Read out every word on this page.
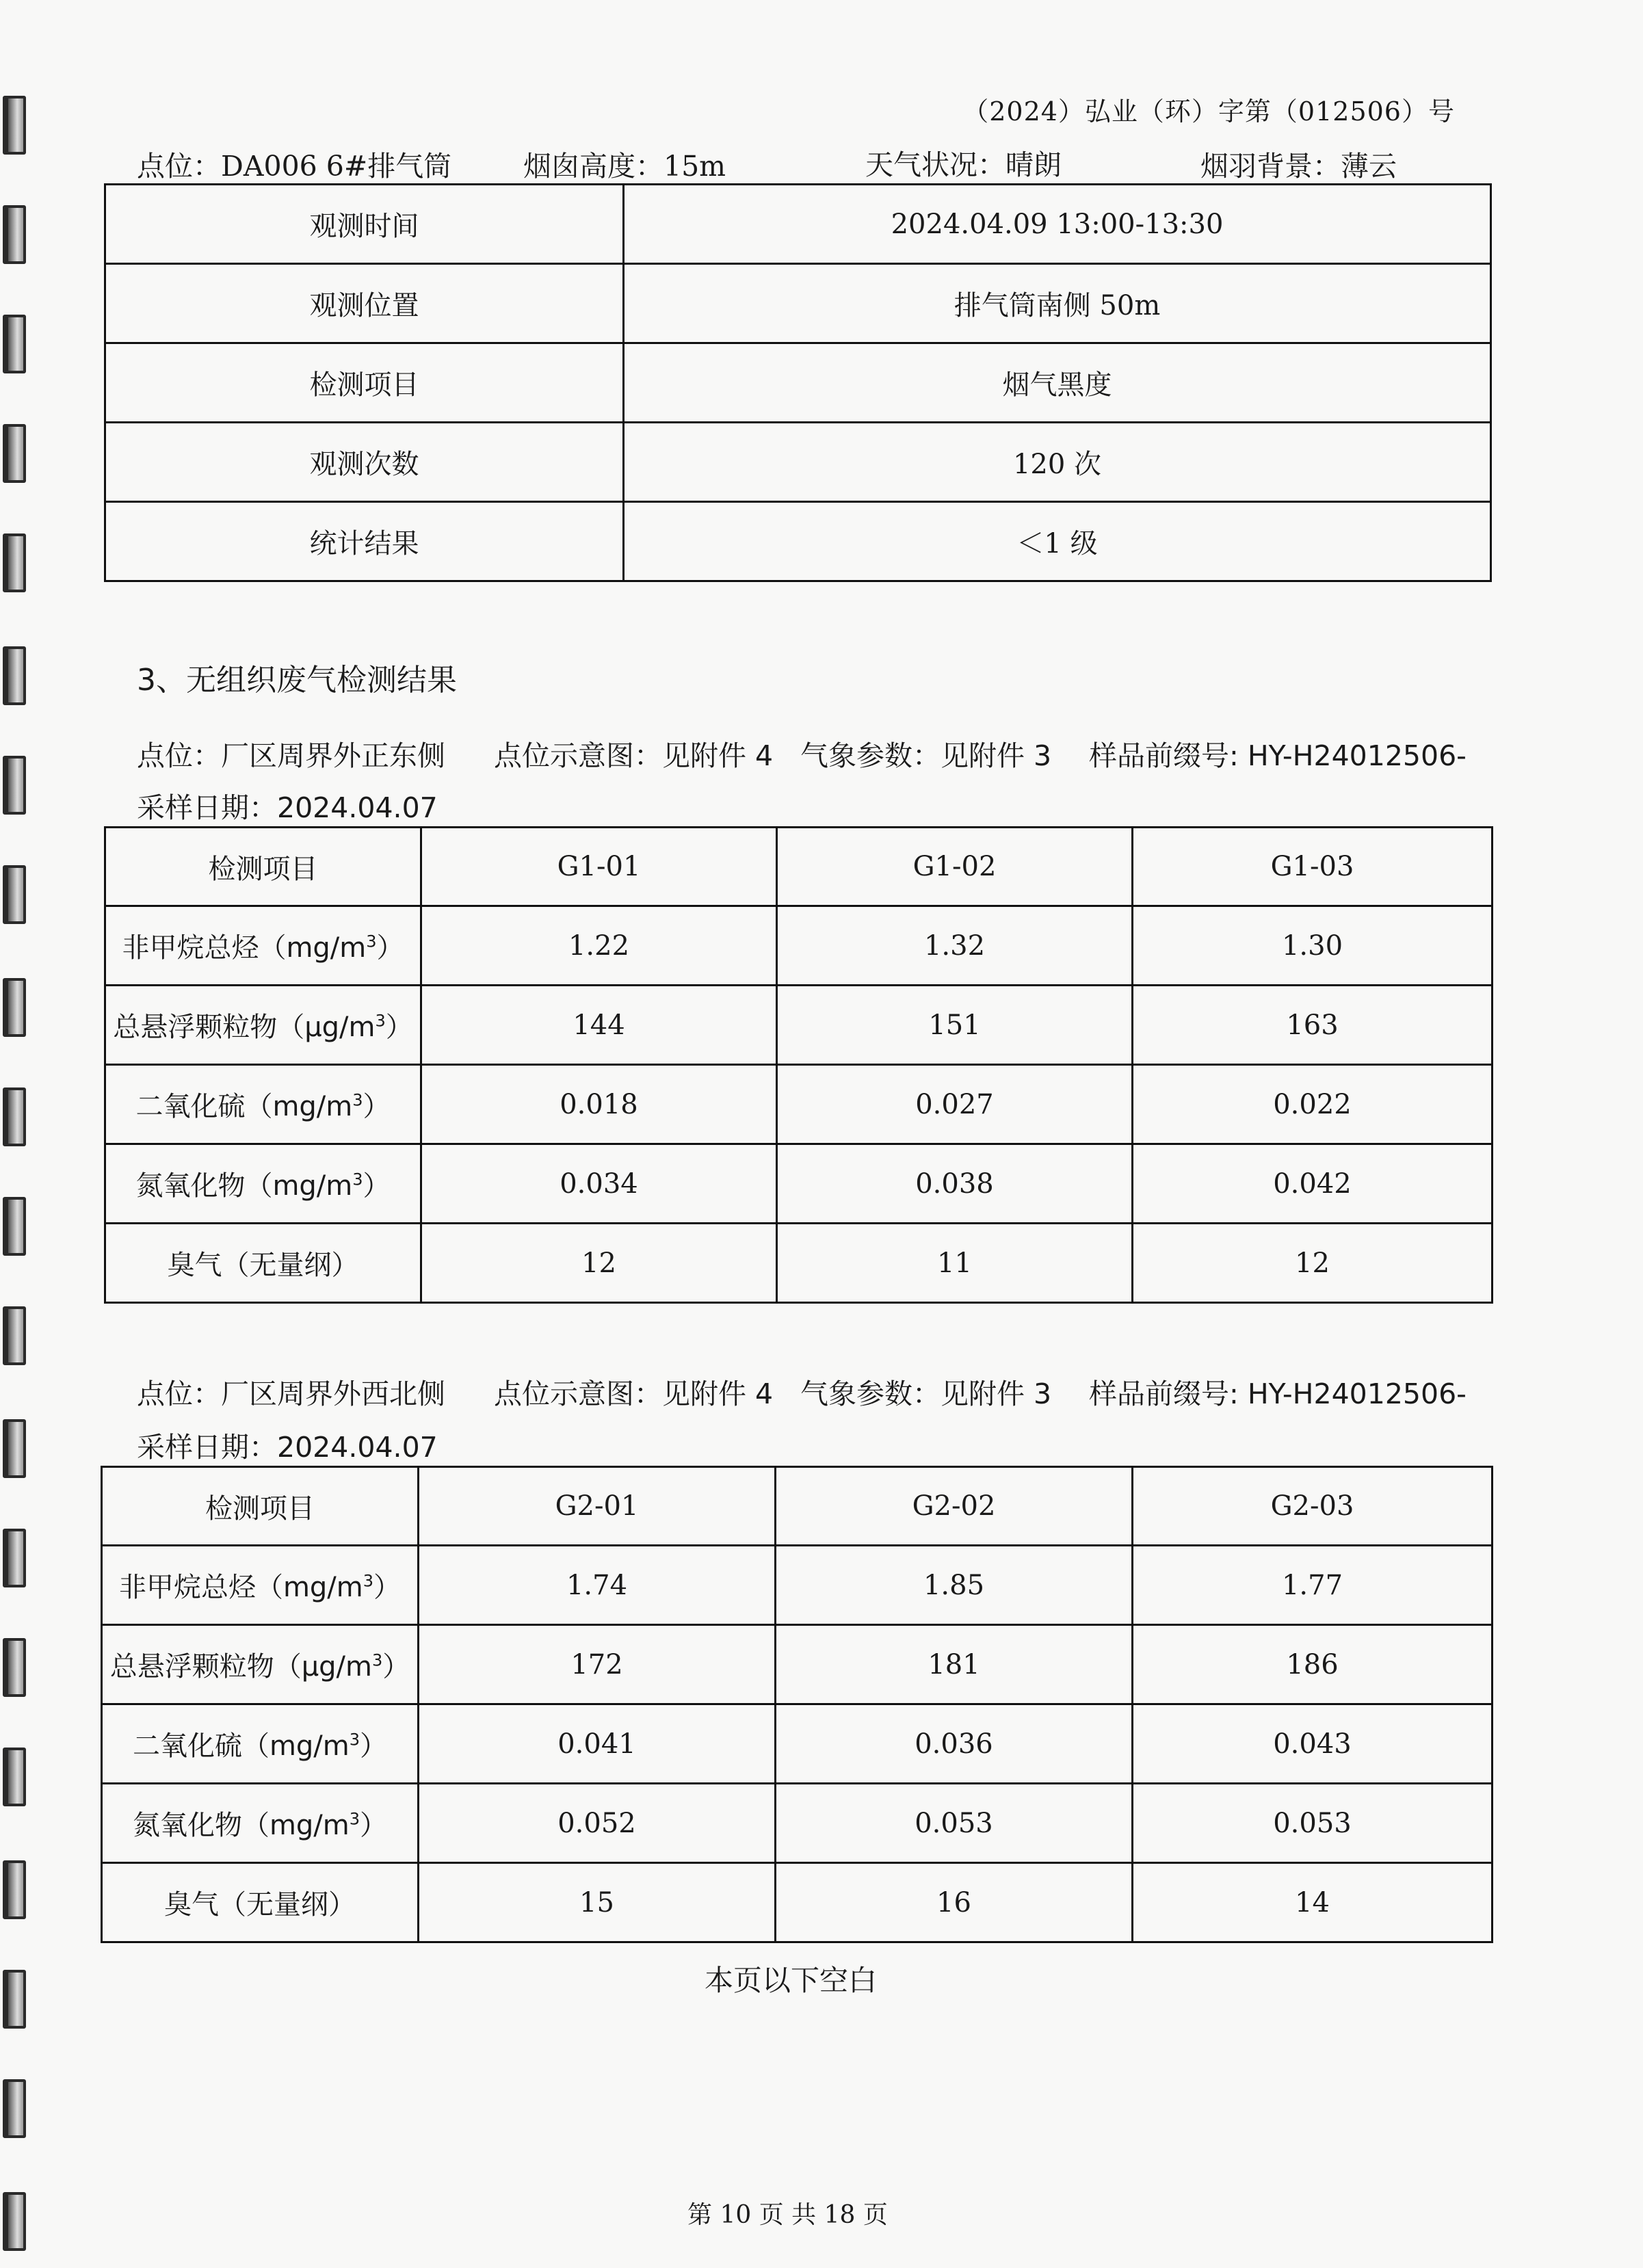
（2024）弘业（环）字第（012506）号
点位：DA006 6#排气筒	烟囱高度：15m	天气状况：晴朗	烟羽背景：薄云
观测时间	2024.04.09 13:00-13:30
观测位置	排气筒南侧 50m
检测项目	烟气黑度
观测次数	120 次
统计结果	＜1 级
3、无组织废气检测结果
点位：厂区周界外正东侧 点位示意图：见附件 4 气象参数：见附件 3 样品前缀号: HY-H24012506-
采样日期：2024.04.07
检测项目	G1-01	G1-02	G1-03
非甲烷总烃$(mg/m^3)$	1.22	1.32	1.30
总悬浮颗粒物$(\mu g/m^3)$	144	151	163
二氧化硫$(mg/m^3)$	0.018	0.027	0.022
氮氧化物$(mg/m^3)$	0.034	0.038	0.042
臭气（无量纲）	12	11	12
点位：厂区周界外西北侧 点位示意图：见附件 4 气象参数：见附件 3 样品前缀号: HY-H24012506-
采样日期：2024.04.07
检测项目	G2-01	G2-02	G2-03
非甲烷总烃$(mg/m^3)$	1.74	1.85	1.77
总悬浮颗粒物$(\mu g/m^3)$	172	181	186
二氧化硫$(mg/m^3)$	0.041	0.036	0.043
氮氧化物$(mg/m^3)$	0.052	0.053	0.053
臭气（无量纲）	15	16	14
本页以下空白
第 10 页 共 18 页
